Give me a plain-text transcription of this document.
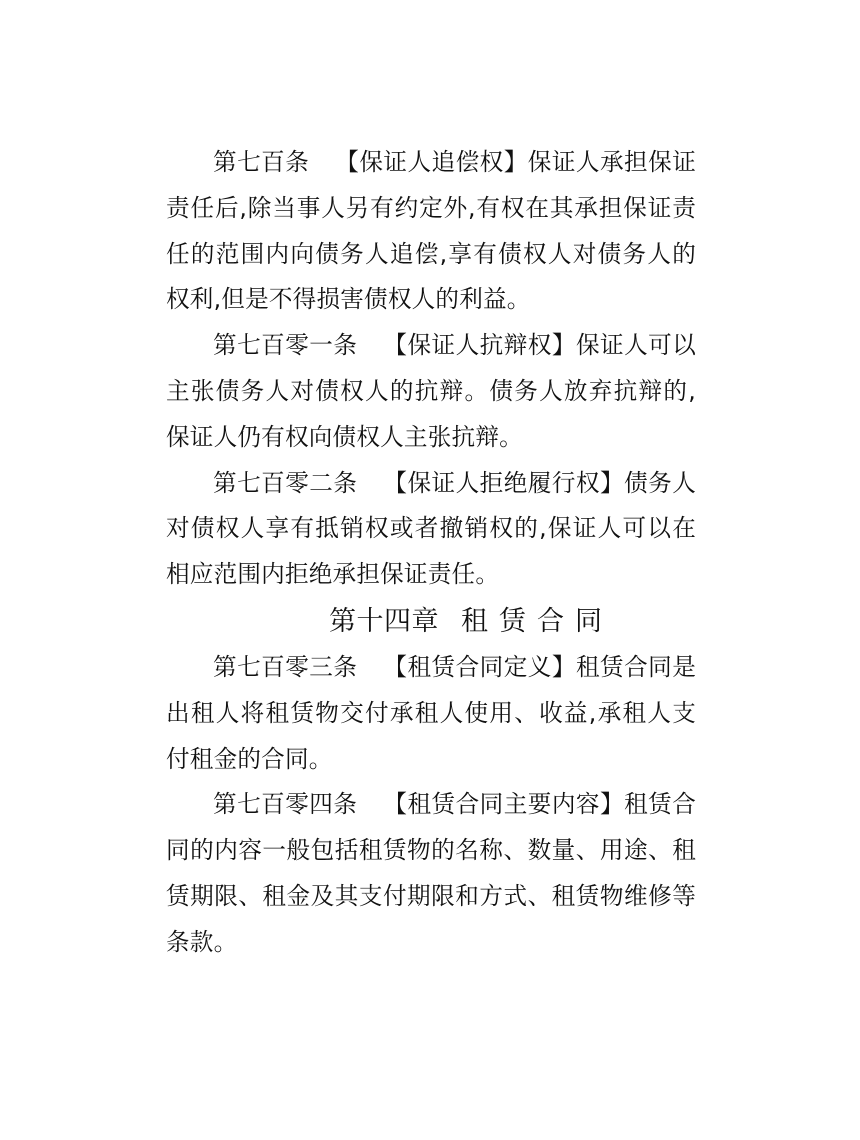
第七百条 【保证人追偿权】保证人承担保证责任后,除当事人另有约定外,有权在其承担保证责任的范围内向债务人追偿,享有债权人对债务人的权利,但是不得损害债权人的利益。

第七百零一条 【保证人抗辩权】保证人可以主张债务人对债权人的抗辩。债务人放弃抗辩的,保证人仍有权向债权人主张抗辩。

第七百零二条 【保证人拒绝履行权】债务人对债权人享有抵销权或者撤销权的,保证人可以在相应范围内拒绝承担保证责任。

第十四章 租赁合同

第七百零三条 【租赁合同定义】租赁合同是出租人将租赁物交付承租人使用、收益,承租人支付租金的合同。

第七百零四条 【租赁合同主要内容】租赁合同的内容一般包括租赁物的名称、数量、用途、租赁期限、租金及其支付期限和方式、租赁物维修等条款。
